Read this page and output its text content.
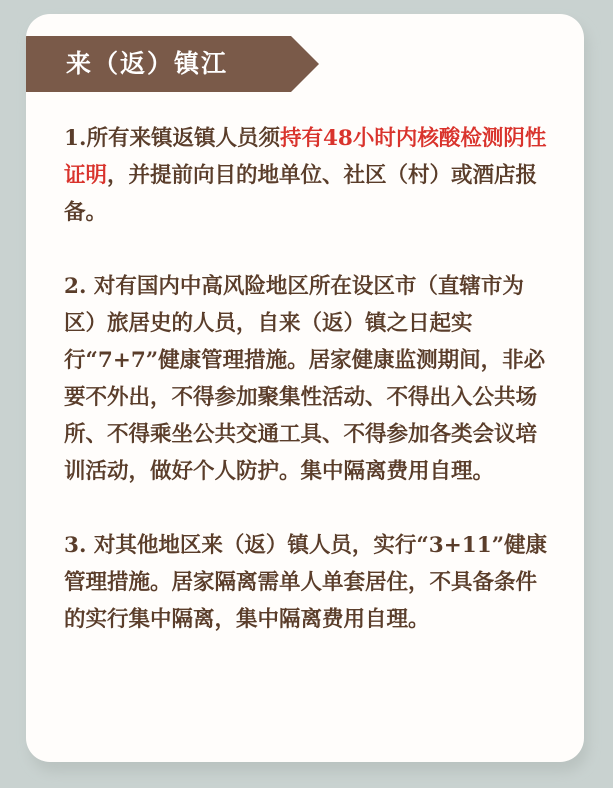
来（返）镇江

1.所有来镇返镇人员须持有48小时内核酸检测阴性证明，并提前向目的地单位、社区（村）或酒店报备。

2. 对有国内中高风险地区所在设区市（直辖市为区）旅居史的人员，自来（返）镇之日起实行“7+7”健康管理措施。居家健康监测期间，非必要不外出，不得参加聚集性活动、不得出入公共场所、不得乘坐公共交通工具、不得参加各类会议培训活动，做好个人防护。集中隔离费用自理。

3. 对其他地区来（返）镇人员，实行“3+11”健康管理措施。居家隔离需单人单套居住，不具备条件的实行集中隔离，集中隔离费用自理。
